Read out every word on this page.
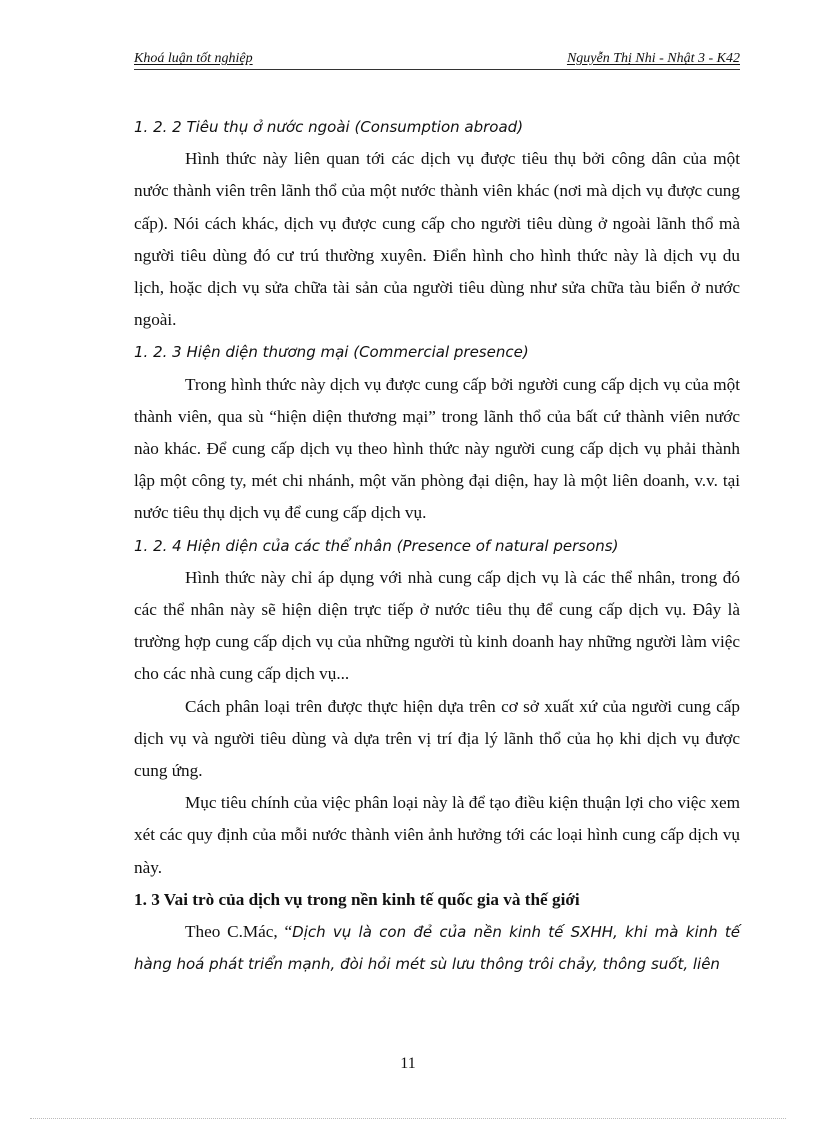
Khoá luận tốt nghiệp	Nguyễn Thị Nhi - Nhật 3 - K42

1. 2. 2 Tiêu thụ ở nước ngoài (Consumption abroad)

Hình thức này liên quan tới các dịch vụ được tiêu thụ bởi công dân của một nước thành viên trên lãnh thổ của một nước thành viên khác (nơi mà dịch vụ được cung cấp). Nói cách khác, dịch vụ được cung cấp cho người tiêu dùng ở ngoài lãnh thổ mà người tiêu dùng đó cư trú thường xuyên. Điển hình cho hình thức này là dịch vụ du lịch, hoặc dịch vụ sửa chữa tài sản của người tiêu dùng như sửa chữa tàu biển ở nước ngoài.

1. 2. 3 Hiện diện thương mại (Commercial presence)

Trong hình thức này dịch vụ được cung cấp bởi người cung cấp dịch vụ của một thành viên, qua sù “hiện diện thương mại” trong lãnh thổ của bất cứ thành viên nước nào khác. Để cung cấp dịch vụ theo hình thức này người cung cấp dịch vụ phải thành lập một công ty, mét chi nhánh, một văn phòng đại diện, hay là một liên doanh, v.v. tại nước tiêu thụ dịch vụ để cung cấp dịch vụ.

1. 2. 4 Hiện diện của các thể nhân (Presence of natural persons)

Hình thức này chỉ áp dụng với nhà cung cấp dịch vụ là các thể nhân, trong đó các thể nhân này sẽ hiện diện trực tiếp ở nước tiêu thụ để cung cấp dịch vụ. Đây là trường hợp cung cấp dịch vụ của những người tù kinh doanh hay những người làm việc cho các nhà cung cấp dịch vụ...

Cách phân loại trên được thực hiện dựa trên cơ sở xuất xứ của người cung cấp dịch vụ và người tiêu dùng và dựa trên vị trí địa lý lãnh thổ của họ khi dịch vụ được cung ứng.

Mục tiêu chính của việc phân loại này là để tạo điều kiện thuận lợi cho việc xem xét các quy định của mỗi nước thành viên ảnh hưởng tới các loại hình cung cấp dịch vụ này.

1. 3 Vai trò của dịch vụ trong nền kinh tế quốc gia và thế giới

Theo C.Mác, “Dịch vụ là con đẻ của nền kinh tế SXHH, khi mà kinh tế hàng hoá phát triển mạnh, đòi hỏi mét sù lưu thông trôi chảy, thông suốt, liên

11
